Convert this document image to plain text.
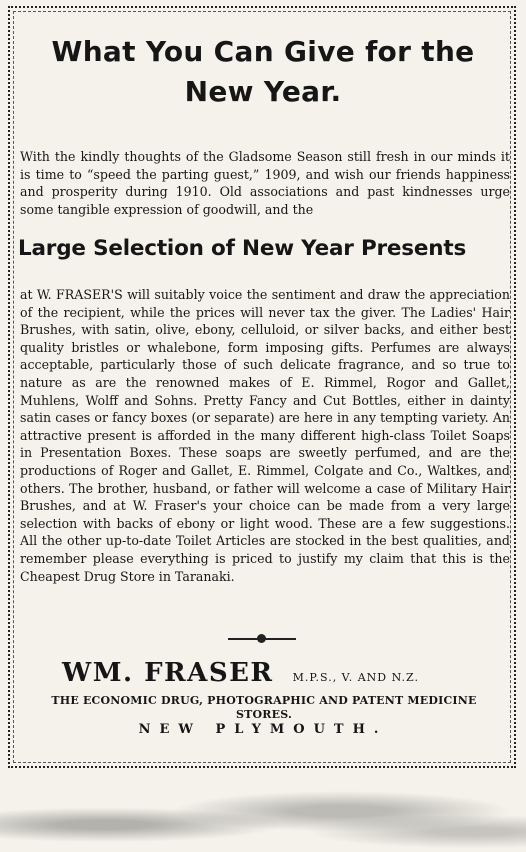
What You Can Give for the
New Year.
With the kindly thoughts of the Gladsome Season still fresh in our minds it is time to “speed the parting guest,” 1909, and wish our friends happiness and prosperity during 1910. Old associations and past kindnesses urge some tangible expression of goodwill, and the
Large Selection of New Year Presents
at W. FRASER'S will suitably voice the sentiment and draw the appreciation of the recipient, while the prices will never tax the giver. The Ladies' Hair Brushes, with satin, olive, ebony, celluloid, or silver backs, and either best quality bristles or whalebone, form imposing gifts. Perfumes are always acceptable, particularly those of such delicate fragrance, and so true to nature as are the renowned makes of E. Rimmel, Rogor and Gallet, Muhlens, Wolff and Sohns. Pretty Fancy and Cut Bottles, either in dainty satin cases or fancy boxes (or separate) are here in any tempting variety. An attractive present is afforded in the many different high-class Toilet Soaps in Presentation Boxes. These soaps are sweetly perfumed, and are the productions of Roger and Gallet, E. Rimmel, Colgate and Co., Waltkes, and others. The brother, husband, or father will welcome a case of Military Hair Brushes, and at W. Fraser's your choice can be made from a very large selection with backs of ebony or light wood. These are a few suggestions. All the other up-to-date Toilet Articles are stocked in the best qualities, and remember please everything is priced to justify my claim that this is the Cheapest Drug Store in Taranaki.
WM. FRASER M.P.S., V. AND N.Z.
THE ECONOMIC DRUG, PHOTOGRAPHIC AND PATENT MEDICINE
STORES.
NEW PLYMOUTH.
